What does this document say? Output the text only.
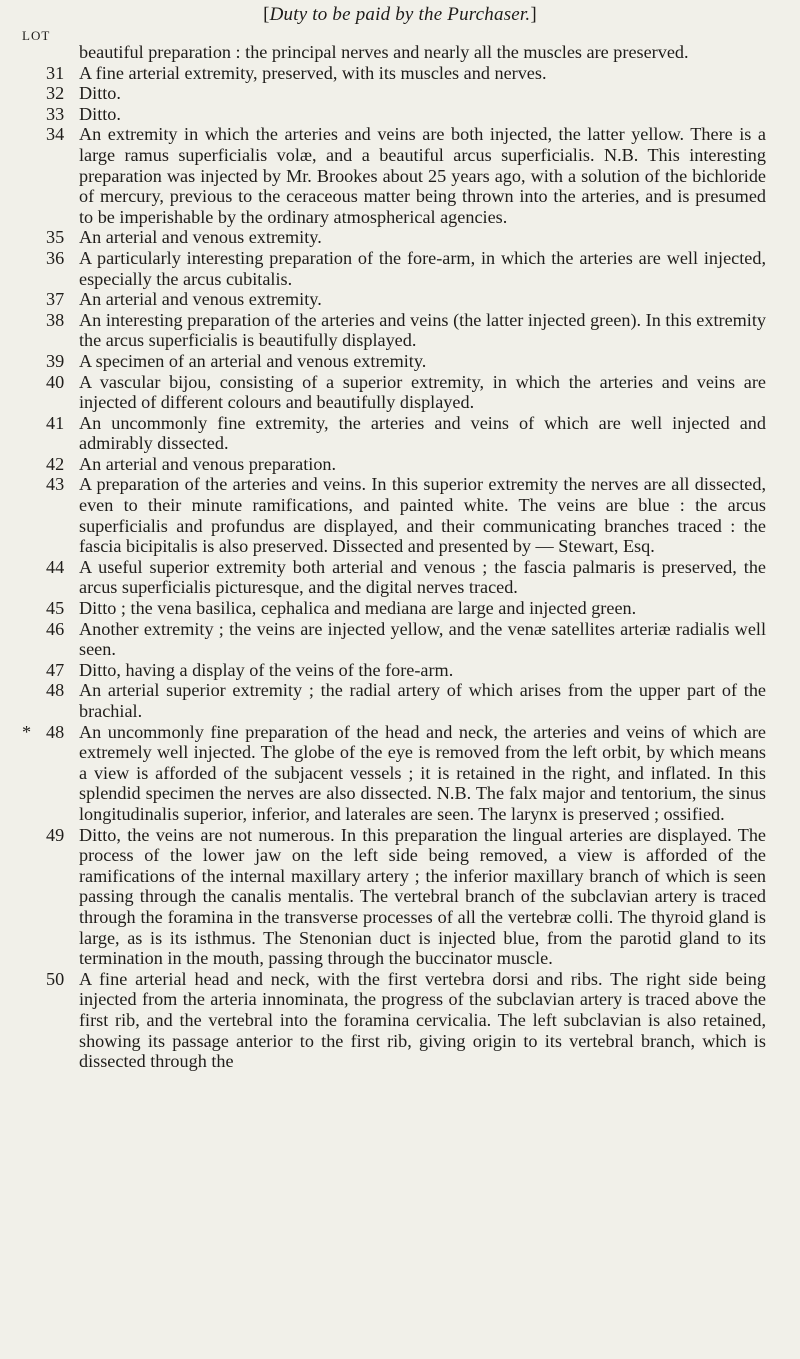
[Duty to be paid by the Purchaser.]
LOT
beautiful preparation : the principal nerves and nearly all the muscles are preserved.
31 A fine arterial extremity, preserved, with its muscles and nerves.
32 Ditto.
33 Ditto.
34 An extremity in which the arteries and veins are both injected, the latter yellow. There is a large ramus superficialis volæ, and a beautiful arcus superficialis. N.B. This interesting preparation was injected by Mr. Brookes about 25 years ago, with a solution of the bichloride of mercury, previous to the ceraceous matter being thrown into the arteries, and is presumed to be imperishable by the ordinary atmospherical agencies.
35 An arterial and venous extremity.
36 A particularly interesting preparation of the fore-arm, in which the arteries are well injected, especially the arcus cubitalis.
37 An arterial and venous extremity.
38 An interesting preparation of the arteries and veins (the latter injected green). In this extremity the arcus superficialis is beautifully displayed.
39 A specimen of an arterial and venous extremity.
40 A vascular bijou, consisting of a superior extremity, in which the arteries and veins are injected of different colours and beautifully displayed.
41 An uncommonly fine extremity, the arteries and veins of which are well injected and admirably dissected.
42 An arterial and venous preparation.
43 A preparation of the arteries and veins. In this superior extremity the nerves are all dissected, even to their minute ramifications, and painted white. The veins are blue : the arcus superficialis and profundus are displayed, and their communicating branches traced : the fascia bicipitalis is also preserved. Dissected and presented by — Stewart, Esq.
44 A useful superior extremity both arterial and venous ; the fascia palmaris is preserved, the arcus superficialis picturesque, and the digital nerves traced.
45 Ditto ; the vena basilica, cephalica and mediana are large and injected green.
46 Another extremity ; the veins are injected yellow, and the venæ satellites arteriæ radialis well seen.
47 Ditto, having a display of the veins of the fore-arm.
48 An arterial superior extremity ; the radial artery of which arises from the upper part of the brachial.
* 48 An uncommonly fine preparation of the head and neck, the arteries and veins of which are extremely well injected. The globe of the eye is removed from the left orbit, by which means a view is afforded of the subjacent vessels ; it is retained in the right, and inflated. In this splendid specimen the nerves are also dissected. N.B. The falx major and tentorium, the sinus longitudinalis superior, inferior, and laterales are seen. The larynx is preserved ; ossified.
49 Ditto, the veins are not numerous. In this preparation the lingual arteries are displayed. The process of the lower jaw on the left side being removed, a view is afforded of the ramifications of the internal maxillary artery ; the inferior maxillary branch of which is seen passing through the canalis mentalis. The vertebral branch of the subclavian artery is traced through the foramina in the transverse processes of all the vertebræ colli. The thyroid gland is large, as is its isthmus. The Stenonian duct is injected blue, from the parotid gland to its termination in the mouth, passing through the buccinator muscle.
50 A fine arterial head and neck, with the first vertebra dorsi and ribs. The right side being injected from the arteria innominata, the progress of the subclavian artery is traced above the first rib, and the vertebral into the foramina cervicalia. The left subclavian is also retained, showing its passage anterior to the first rib, giving origin to its vertebral branch, which is dissected through the
